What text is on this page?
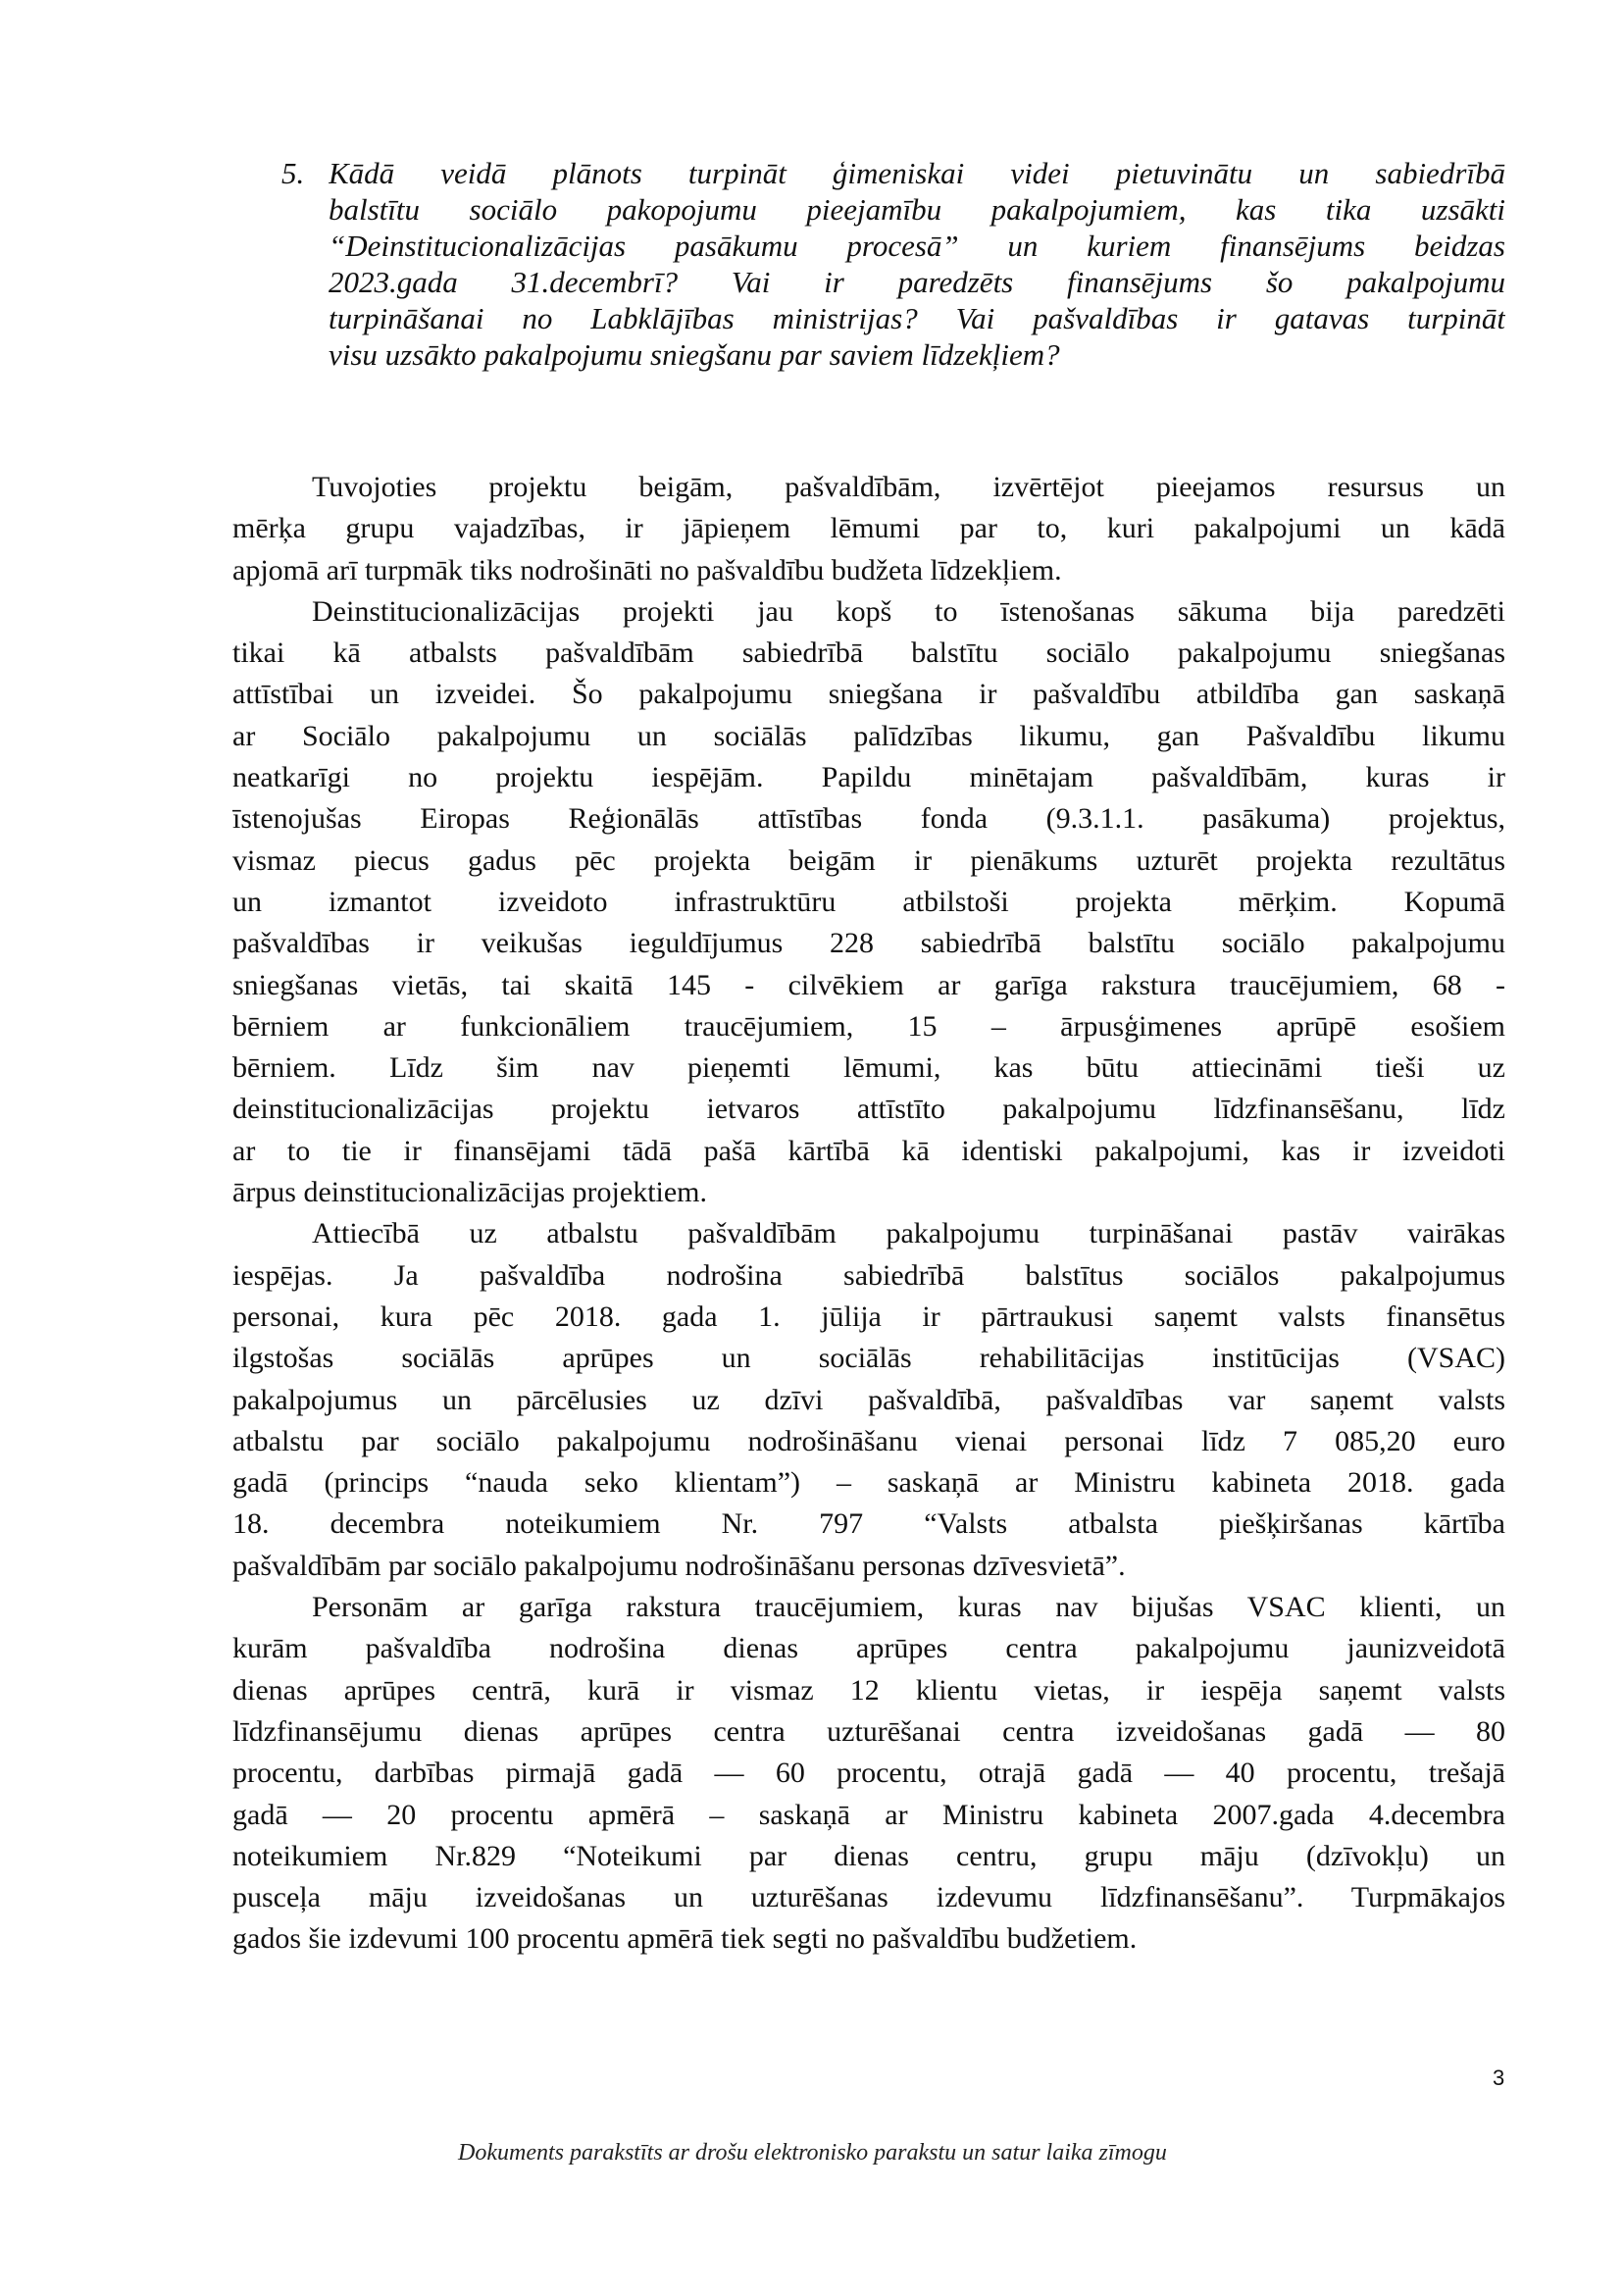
5. Kādā veidā plānots turpināt ģimeniskai videi pietuvinātu un sabiedrībā
balstītu sociālo pakopojumu pieejamību pakalpojumiem, kas tika uzsākti
“Deinstitucionalizācijas pasākumu procesā” un kuriem finansējums beidzas
2023.gada 31.decembrī? Vai ir paredzēts finansējums šo pakalpojumu
turpināšanai no Labklājības ministrijas? Vai pašvaldības ir gatavas turpināt
visu uzsākto pakalpojumu sniegšanu par saviem līdzekļiem?
Tuvojoties projektu beigām, pašvaldībām, izvērtējot pieejamos resursus un
mērķa grupu vajadzības, ir jāpieņem lēmumi par to, kuri pakalpojumi un kādā
apjomā arī turpmāk tiks nodrošināti no pašvaldību budžeta līdzekļiem.
Deinstitucionalizācijas projekti jau kopš to īstenošanas sākuma bija paredzēti
tikai kā atbalsts pašvaldībām sabiedrībā balstītu sociālo pakalpojumu sniegšanas
attīstībai un izveidei. Šo pakalpojumu sniegšana ir pašvaldību atbildība gan saskaņā
ar Sociālo pakalpojumu un sociālās palīdzības likumu, gan Pašvaldību likumu
neatkarīgi no projektu iespējām. Papildu minētajam pašvaldībām, kuras ir
īstenojušas Eiropas Reģionālās attīstības fonda (9.3.1.1. pasākuma) projektus,
vismaz piecus gadus pēc projekta beigām ir pienākums uzturēt projekta rezultātus
un izmantot izveidoto infrastruktūru atbilstoši projekta mērķim. Kopumā
pašvaldības ir veikušas ieguldījumus 228 sabiedrībā balstītu sociālo pakalpojumu
sniegšanas vietās, tai skaitā 145 - cilvēkiem ar garīga rakstura traucējumiem, 68 -
bērniem ar funkcionāliem traucējumiem, 15 – ārpusģimenes aprūpē esošiem
bērniem. Līdz šim nav pieņemti lēmumi, kas būtu attiecināmi tieši uz
deinstitucionalizācijas projektu ietvaros attīstīto pakalpojumu līdzfinansēšanu, līdz
ar to tie ir finansējami tādā pašā kārtībā kā identiski pakalpojumi, kas ir izveidoti
ārpus deinstitucionalizācijas projektiem.
Attiecībā uz atbalstu pašvaldībām pakalpojumu turpināšanai pastāv vairākas
iespējas. Ja pašvaldība nodrošina sabiedrībā balstītus sociālos pakalpojumus
personai, kura pēc 2018. gada 1. jūlija ir pārtraukusi saņemt valsts finansētus
ilgstošas sociālās aprūpes un sociālās rehabilitācijas institūcijas (VSAC)
pakalpojumus un pārcēlusies uz dzīvi pašvaldībā, pašvaldības var saņemt valsts
atbalstu par sociālo pakalpojumu nodrošināšanu vienai personai līdz 7 085,20 euro
gadā (princips “nauda seko klientam”) – saskaņā ar Ministru kabineta 2018. gada
18. decembra noteikumiem Nr. 797 “Valsts atbalsta piešķiršanas kārtība
pašvaldībām par sociālo pakalpojumu nodrošināšanu personas dzīvesvietā”.
Personām ar garīga rakstura traucējumiem, kuras nav bijušas VSAC klienti, un
kurām pašvaldība nodrošina dienas aprūpes centra pakalpojumu jaunizveidotā
dienas aprūpes centrā, kurā ir vismaz 12 klientu vietas, ir iespēja saņemt valsts
līdzfinansējumu dienas aprūpes centra uzturēšanai centra izveidošanas gadā — 80
procentu, darbības pirmajā gadā — 60 procentu, otrajā gadā — 40 procentu, trešajā
gadā — 20 procentu apmērā – saskaņā ar Ministru kabineta 2007.gada 4.decembra
noteikumiem Nr.829 “Noteikumi par dienas centru, grupu māju (dzīvokļu) un
pusceļa māju izveidošanas un uzturēšanas izdevumu līdzfinansēšanu”. Turpmākajos
gados šie izdevumi 100 procentu apmērā tiek segti no pašvaldību budžetiem.
3
Dokuments parakstīts ar drošu elektronisko parakstu un satur laika zīmogu
